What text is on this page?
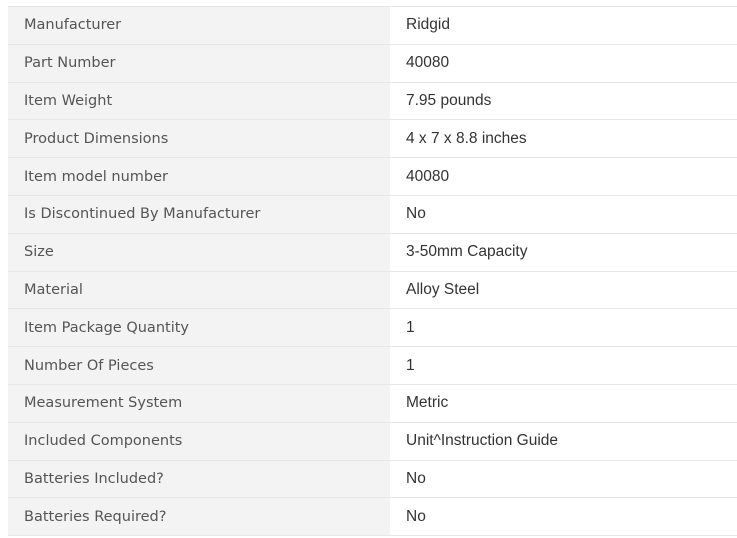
Manufacturer	Ridgid
Part Number	40080
Item Weight	7.95 pounds
Product Dimensions	4 x 7 x 8.8 inches
Item model number	40080
Is Discontinued By Manufacturer	No
Size	3-50mm Capacity
Material	Alloy Steel
Item Package Quantity	1
Number Of Pieces	1
Measurement System	Metric
Included Components	Unit^Instruction Guide
Batteries Included?	No
Batteries Required?	No
